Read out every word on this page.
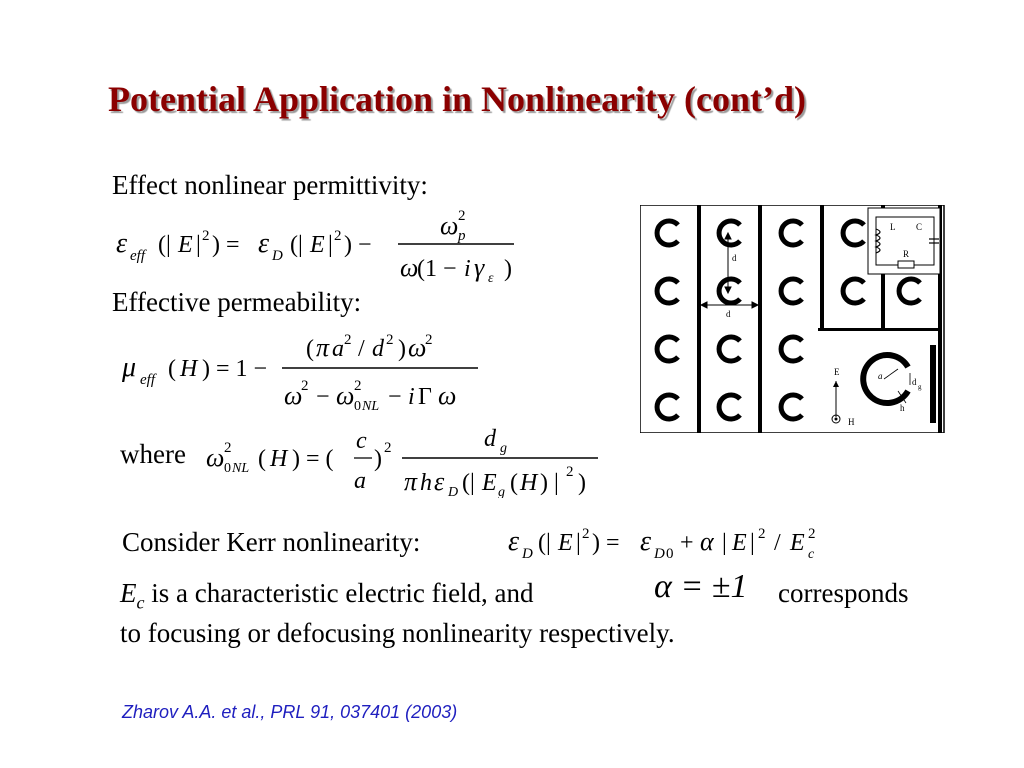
Potential Application in Nonlinearity (cont’d)
Effect nonlinear permittivity:
ε eff (| E | 2 ) = ε D (| E | 2 ) −
ω 2
p
ω
(1 − i γ ε )
Effective permeability:
μ eff ( H ) = 1 −
( π a 2 / d 2 ) ω
2
ω
2 − ω 2
0 NL − i Γ ω
where ω 2
0 NL ( H ) = (
c
a
) 2	d g
π h ε D (| E g ( H ) | 2 )
Consider Kerr nonlinearity:	ε D (| E | 2 ) = ε D 0 + α | E | 2 / E 2
c
$E_c$ is a characteristic electric field, and	α = ±1 corresponds
to focusing or defocusing nonlinearity respectively.
Zharov A.A. et al., PRL 91, 037401 (2003)
d
d
L C
R
E
H
a
d g
h
